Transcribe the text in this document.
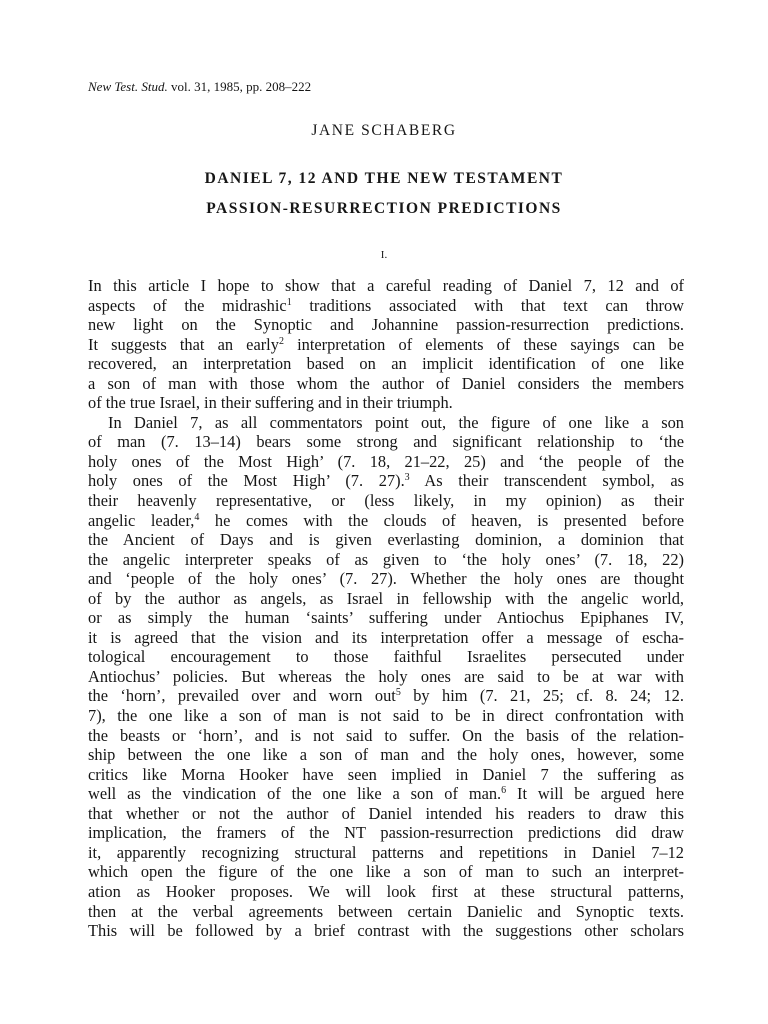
New Test. Stud. vol. 31, 1985, pp. 208–222
JANE SCHABERG
DANIEL 7, 12 AND THE NEW TESTAMENT
PASSION-RESURRECTION PREDICTIONS
I.
In this article I hope to show that a careful reading of Daniel 7, 12 and of
aspects of the midrashic$^1$ traditions associated with that text can throw
new light on the Synoptic and Johannine passion-resurrection predictions.
It suggests that an early$^2$ interpretation of elements of these sayings can be
recovered, an interpretation based on an implicit identification of one like
a son of man with those whom the author of Daniel considers the members
of the true Israel, in their suffering and in their triumph.
In Daniel 7, as all commentators point out, the figure of one like a son
of man (7. 13–14) bears some strong and significant relationship to ‘the
holy ones of the Most High’ (7. 18, 21–22, 25) and ‘the people of the
holy ones of the Most High’ (7. 27).$^3$ As their transcendent symbol, as
their heavenly representative, or (less likely, in my opinion) as their
angelic leader,$^4$ he comes with the clouds of heaven, is presented before
the Ancient of Days and is given everlasting dominion, a dominion that
the angelic interpreter speaks of as given to ‘the holy ones’ (7. 18, 22)
and ‘people of the holy ones’ (7. 27). Whether the holy ones are thought
of by the author as angels, as Israel in fellowship with the angelic world,
or as simply the human ‘saints’ suffering under Antiochus Epiphanes IV,
it is agreed that the vision and its interpretation offer a message of escha-
tological encouragement to those faithful Israelites persecuted under
Antiochus’ policies. But whereas the holy ones are said to be at war with
the ‘horn’, prevailed over and worn out$^5$ by him (7. 21, 25; cf. 8. 24; 12.
7), the one like a son of man is not said to be in direct confrontation with
the beasts or ‘horn’, and is not said to suffer. On the basis of the relation-
ship between the one like a son of man and the holy ones, however, some
critics like Morna Hooker have seen implied in Daniel 7 the suffering as
well as the vindication of the one like a son of man.$^6$ It will be argued here
that whether or not the author of Daniel intended his readers to draw this
implication, the framers of the NT passion-resurrection predictions did draw
it, apparently recognizing structural patterns and repetitions in Daniel 7–12
which open the figure of the one like a son of man to such an interpret-
ation as Hooker proposes. We will look first at these structural patterns,
then at the verbal agreements between certain Danielic and Synoptic texts.
This will be followed by a brief contrast with the suggestions other scholars
